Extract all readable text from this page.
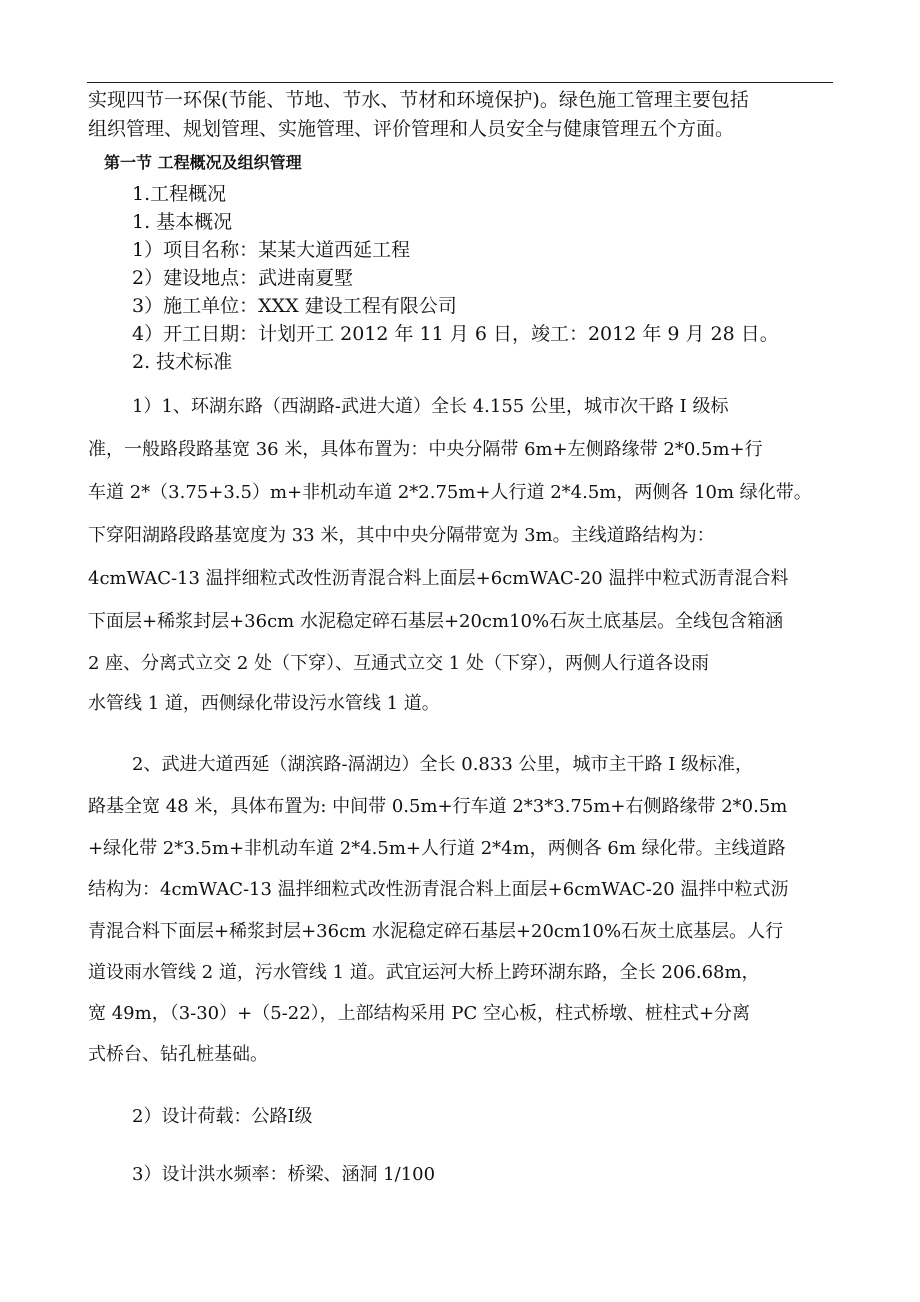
实现四节一环保(节能、节地、节水、节材和环境保护)。绿色施工管理主要包括
组织管理、规划管理、实施管理、评价管理和人员安全与健康管理五个方面。
第一节 工程概况及组织管理
1.工程概况
1. 基本概况
1）项目名称：某某大道西延工程
2）建设地点：武进南夏墅
3）施工单位：XXX 建设工程有限公司
4）开工日期：计划开工 2012 年 11 月 6 日，竣工：2012 年 9 月 28 日。
2. 技术标准
1）1、环湖东路（西湖路-武进大道）全长 4.155 公里，城市次干路 I 级标
准，一般路段路基宽 36 米，具体布置为：中央分隔带 6m+左侧路缘带 2*0.5m+行
车道 2*（3.75+3.5）m+非机动车道 2*2.75m+人行道 2*4.5m，两侧各 10m 绿化带。
下穿阳湖路段路基宽度为 33 米，其中中央分隔带宽为 3m。主线道路结构为：
4cmWAC-13 温拌细粒式改性沥青混合料上面层+6cmWAC-20 温拌中粒式沥青混合料
下面层+稀浆封层+36cm 水泥稳定碎石基层+20cm10%石灰土底基层。全线包含箱涵
2 座、分离式立交 2 处（下穿）、互通式立交 1 处（下穿），两侧人行道各设雨
水管线 1 道，西侧绿化带设污水管线 1 道。
2、武进大道西延（湖滨路-滆湖边）全长 0.833 公里，城市主干路 I 级标准，
路基全宽 48 米，具体布置为: 中间带 0.5m+行车道 2*3*3.75m+右侧路缘带 2*0.5m
+绿化带 2*3.5m+非机动车道 2*4.5m+人行道 2*4m，两侧各 6m 绿化带。主线道路
结构为：4cmWAC-13 温拌细粒式改性沥青混合料上面层+6cmWAC-20 温拌中粒式沥
青混合料下面层+稀浆封层+36cm 水泥稳定碎石基层+20cm10%石灰土底基层。人行
道设雨水管线 2 道，污水管线 1 道。武宜运河大桥上跨环湖东路，全长 206.68m，
宽 49m，（3-30）+（5-22），上部结构采用 PC 空心板，柱式桥墩、桩柱式+分离
式桥台、钻孔桩基础。
2）设计荷载：公路Ⅰ级
3）设计洪水频率：桥梁、涵洞 1/100
